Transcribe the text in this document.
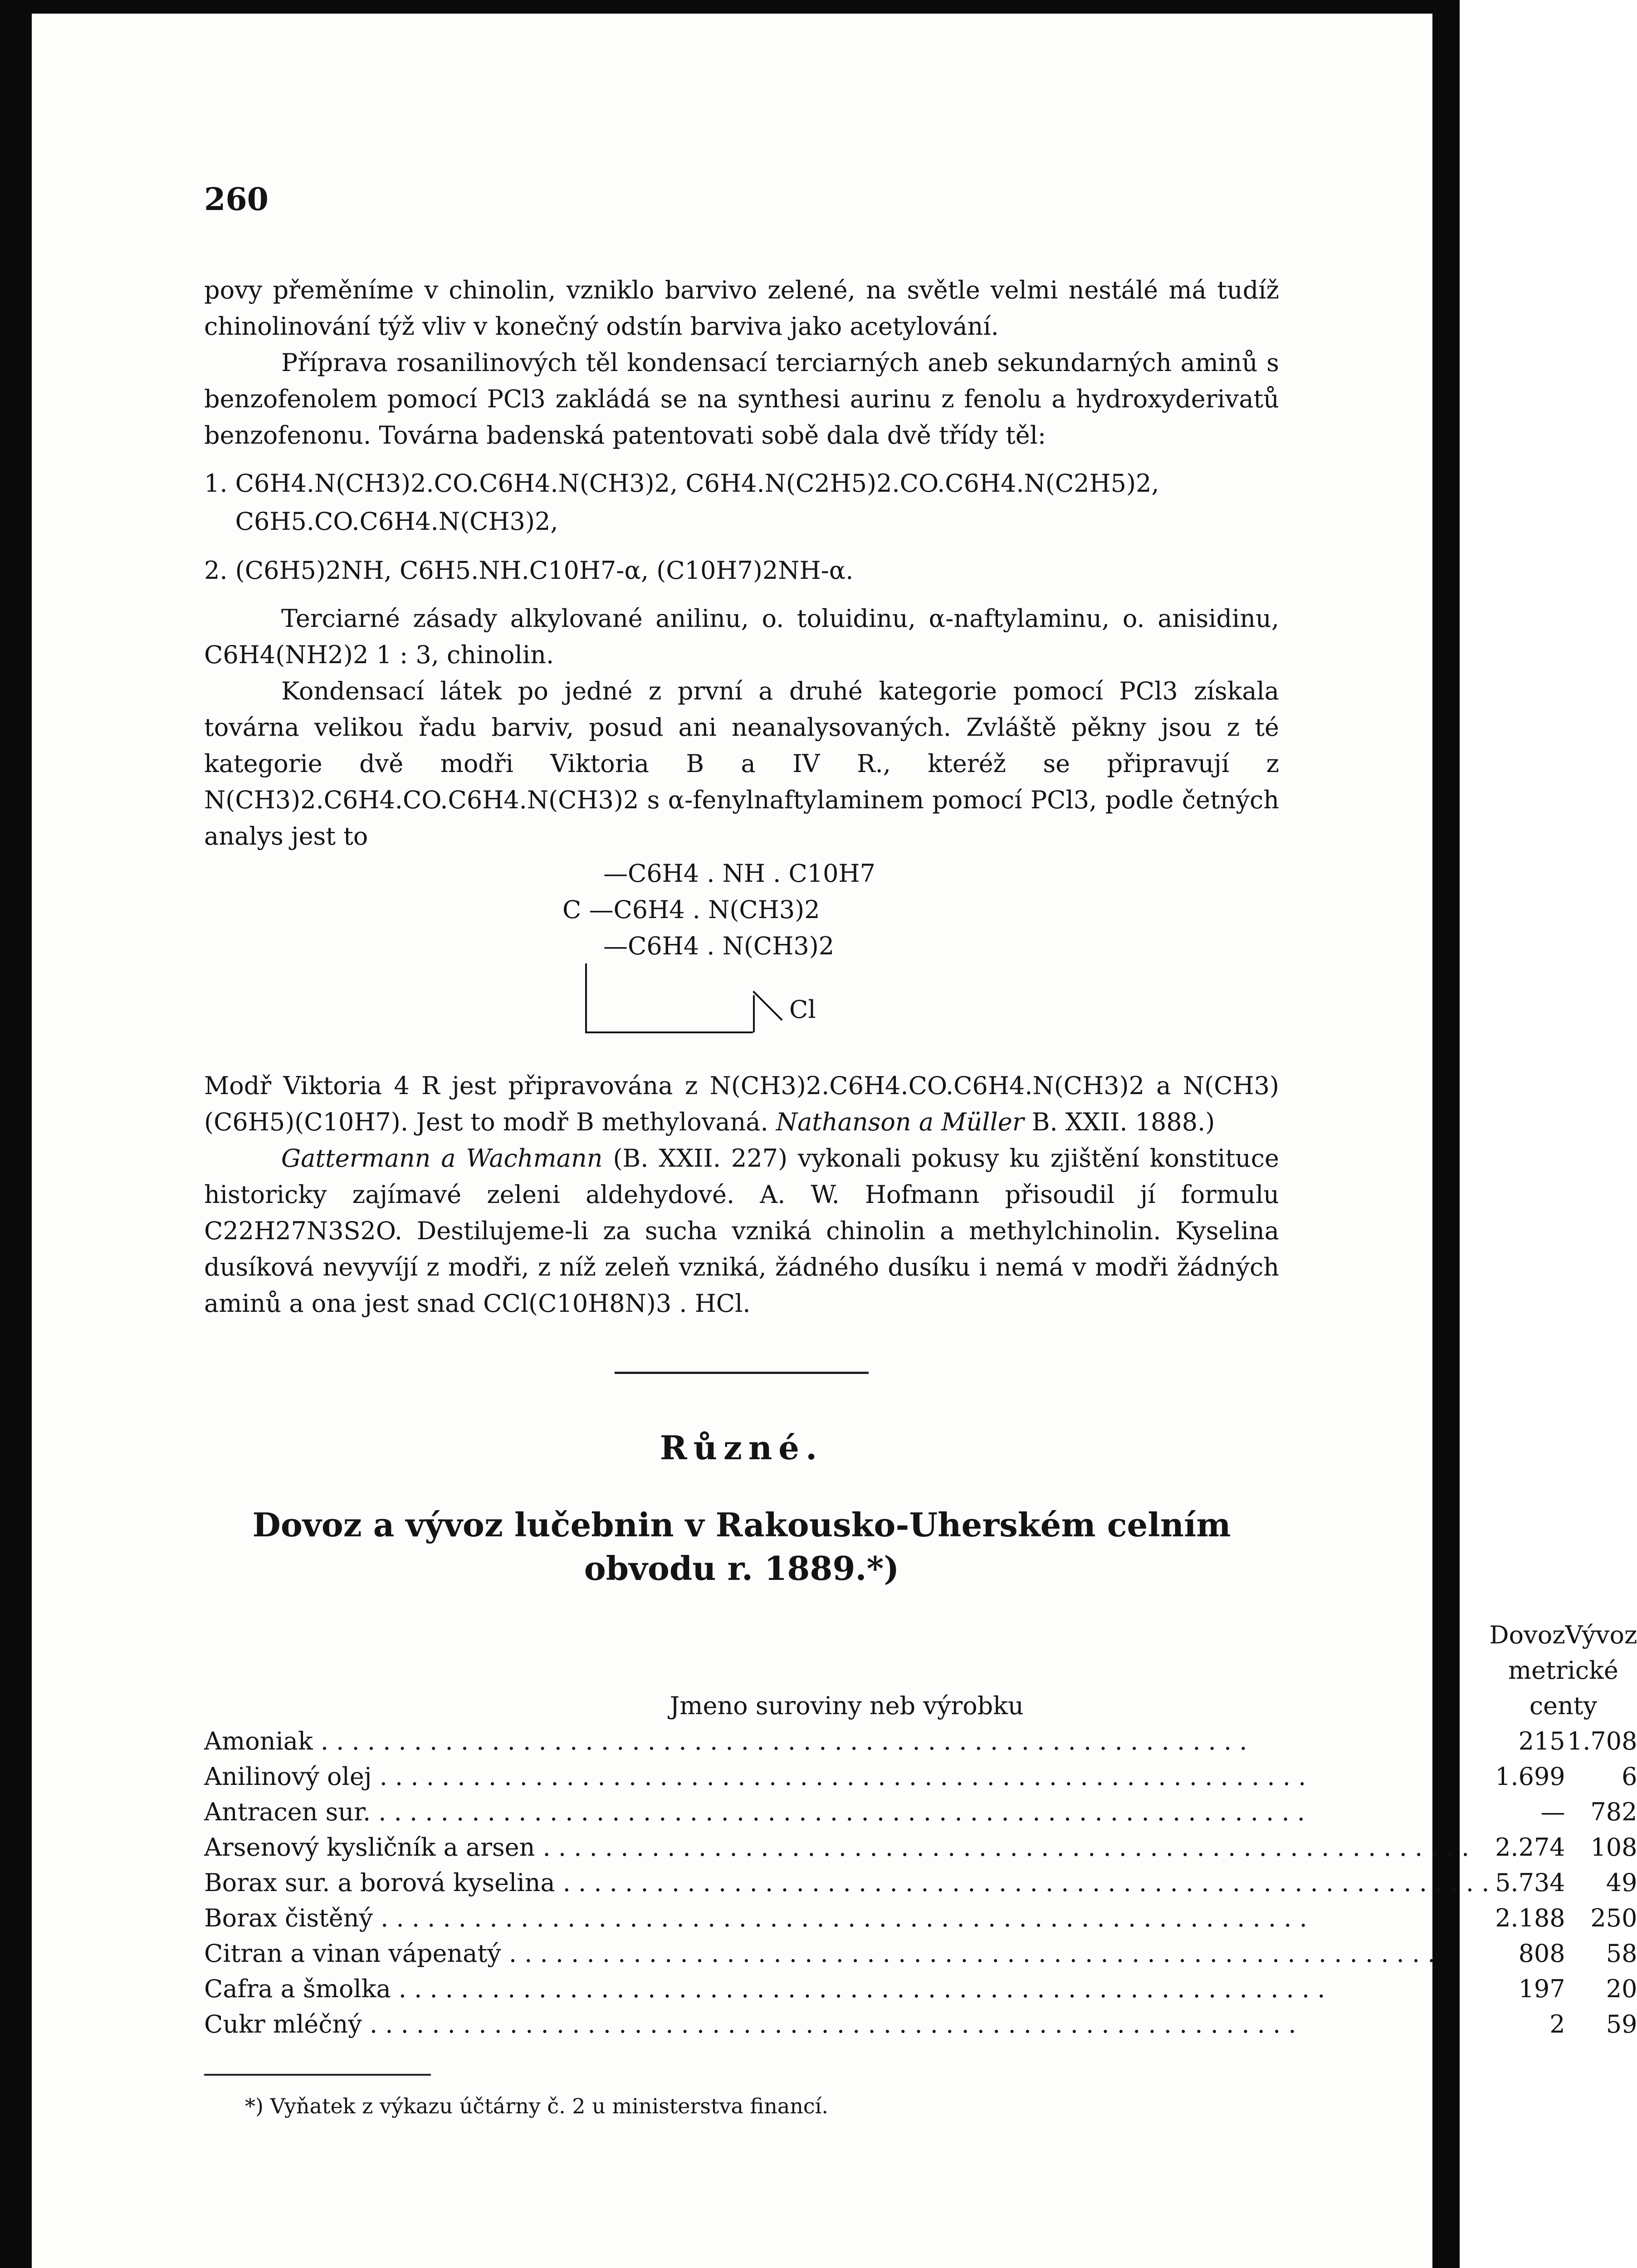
260

povy přeměníme v chinolin, vzniklo barvivo zelené, na světle velmi nestálé má tudíž chinolinování týž vliv v konečný odstín barviva jako acetylování.

Příprava rosanilinových těl kondensací terciarných aneb sekundarných aminů s benzofenolem pomocí PCl3 zakládá se na synthesi aurinu z fenolu a hydroxyderivatů benzofenonu. Továrna badenská patentovati sobě dala dvě třídy těl:

1. C6H4.N(CH3)2.CO.C6H4.N(CH3)2, C6H4.N(C2H5)2.CO.C6H4.N(C2H5)2,
C6H5.CO.C6H4.N(CH3)2,
2. (C6H5)2NH, C6H5.NH.C10H7-α, (C10H7)2NH-α.

Terciarné zásady alkylované anilinu, o. toluidinu, α-naftylaminu, o. anisidinu, C6H4(NH2)2 1 : 3, chinolin.

Kondensací látek po jedné z první a druhé kategorie pomocí PCl3 získala továrna velikou řadu barviv, posud ani neanalysovaných. Zvláště pěkny jsou z té kategorie dvě modři Viktoria B a IV R., kteréž se připravují z N(CH3)2.C6H4.CO.C6H4.N(CH3)2 s α-fenylnaftylaminem pomocí PCl3, podle četných analys jest to

—C6H4 . NH . C10H7
C —C6H4 . N(CH3)2
—C6H4 . N(CH3)2
Cl

Modř Viktoria 4 R jest připravována z N(CH3)2.C6H4.CO.C6H4.N(CH3)2 a N(CH3)(C6H5)(C10H7). Jest to modř B methylovaná. Nathanson a Müller B. XXII. 1888.)

Gattermann a Wachmann (B. XXII. 227) vykonali pokusy ku zjištění konstituce historicky zajímavé zeleni aldehydové. A. W. Hofmann přisoudil jí formulu C22H27N3S2O. Destilujeme-li za sucha vzniká chinolin a methylchinolin. Kyselina dusíková nevyvíjí z modři, z níž zeleň vzniká, žádného dusíku i nemá v modři žádných aminů a ona jest snad CCl(C10H8N)3 . HCl.

Různé.
Dovoz a vývoz lučebnin v Rakousko-Uherském celním obvodu r. 1889.*)
	Dovoz	Vývoz
Jmeno suroviny neb výrobku	metrické centy	
Amoniak . . . . . . . . . . . . . . . . . . . . . . . . . . . . . . . . . . . . . . . . . . . . . . . . . . . . . . . . . . . .	215	1.708
Anilinový olej . . . . . . . . . . . . . . . . . . . . . . . . . . . . . . . . . . . . . . . . . . . . . . . . . . . . . . . . . . . .	1.699	6
Antracen sur. . . . . . . . . . . . . . . . . . . . . . . . . . . . . . . . . . . . . . . . . . . . . . . . . . . . . . . . . . . . .	—	782
Arsenový kysličník a arsen . . . . . . . . . . . . . . . . . . . . . . . . . . . . . . . . . . . . . . . . . . . . . . . . . . . . . . . . . . . .	2.274	108
Borax sur. a borová kyselina . . . . . . . . . . . . . . . . . . . . . . . . . . . . . . . . . . . . . . . . . . . . . . . . . . . . . . . . . . . .	5.734	49
Borax čistěný . . . . . . . . . . . . . . . . . . . . . . . . . . . . . . . . . . . . . . . . . . . . . . . . . . . . . . . . . . . .	2.188	250
Citran a vinan vápenatý . . . . . . . . . . . . . . . . . . . . . . . . . . . . . . . . . . . . . . . . . . . . . . . . . . . . . . . . . . . .	808	58
Cafra a šmolka . . . . . . . . . . . . . . . . . . . . . . . . . . . . . . . . . . . . . . . . . . . . . . . . . . . . . . . . . . . .	197	20
Cukr mléčný . . . . . . . . . . . . . . . . . . . . . . . . . . . . . . . . . . . . . . . . . . . . . . . . . . . . . . . . . . . .	2	59
*) Vyňatek z výkazu účtárny č. 2 u ministerstva financí.
